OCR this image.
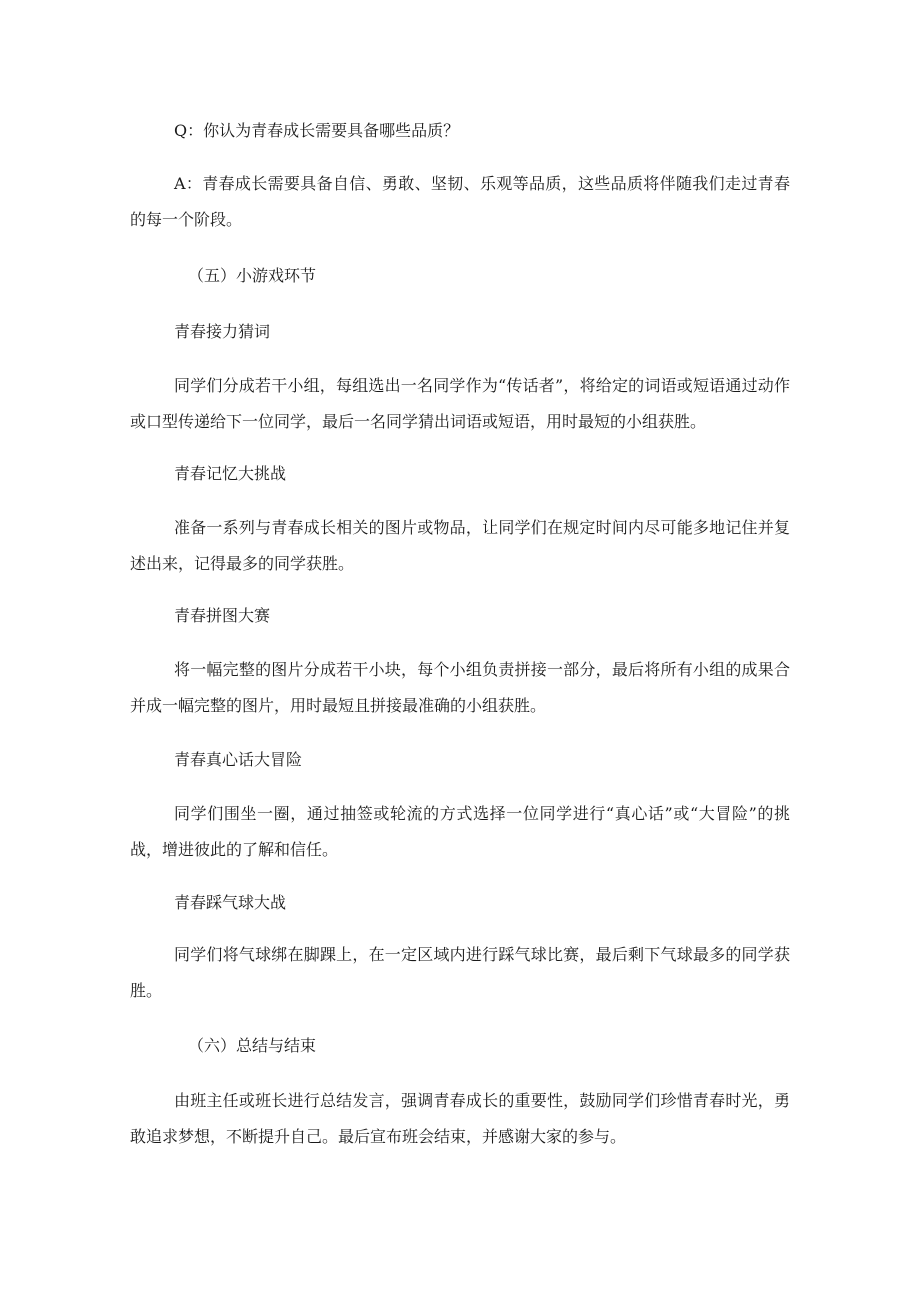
Q：你认为青春成长需要具备哪些品质？

A：青春成长需要具备自信、勇敢、坚韧、乐观等品质，这些品质将伴随我们走过青春的每一个阶段。

（五）小游戏环节

青春接力猜词

同学们分成若干小组，每组选出一名同学作为“传话者”，将给定的词语或短语通过动作或口型传递给下一位同学，最后一名同学猜出词语或短语，用时最短的小组获胜。

青春记忆大挑战

准备一系列与青春成长相关的图片或物品，让同学们在规定时间内尽可能多地记住并复述出来，记得最多的同学获胜。

青春拼图大赛

将一幅完整的图片分成若干小块，每个小组负责拼接一部分，最后将所有小组的成果合并成一幅完整的图片，用时最短且拼接最准确的小组获胜。

青春真心话大冒险

同学们围坐一圈，通过抽签或轮流的方式选择一位同学进行“真心话”或“大冒险”的挑战，增进彼此的了解和信任。

青春踩气球大战

同学们将气球绑在脚踝上，在一定区域内进行踩气球比赛，最后剩下气球最多的同学获胜。

（六）总结与结束

由班主任或班长进行总结发言，强调青春成长的重要性，鼓励同学们珍惜青春时光，勇敢追求梦想，不断提升自己。最后宣布班会结束，并感谢大家的参与。
